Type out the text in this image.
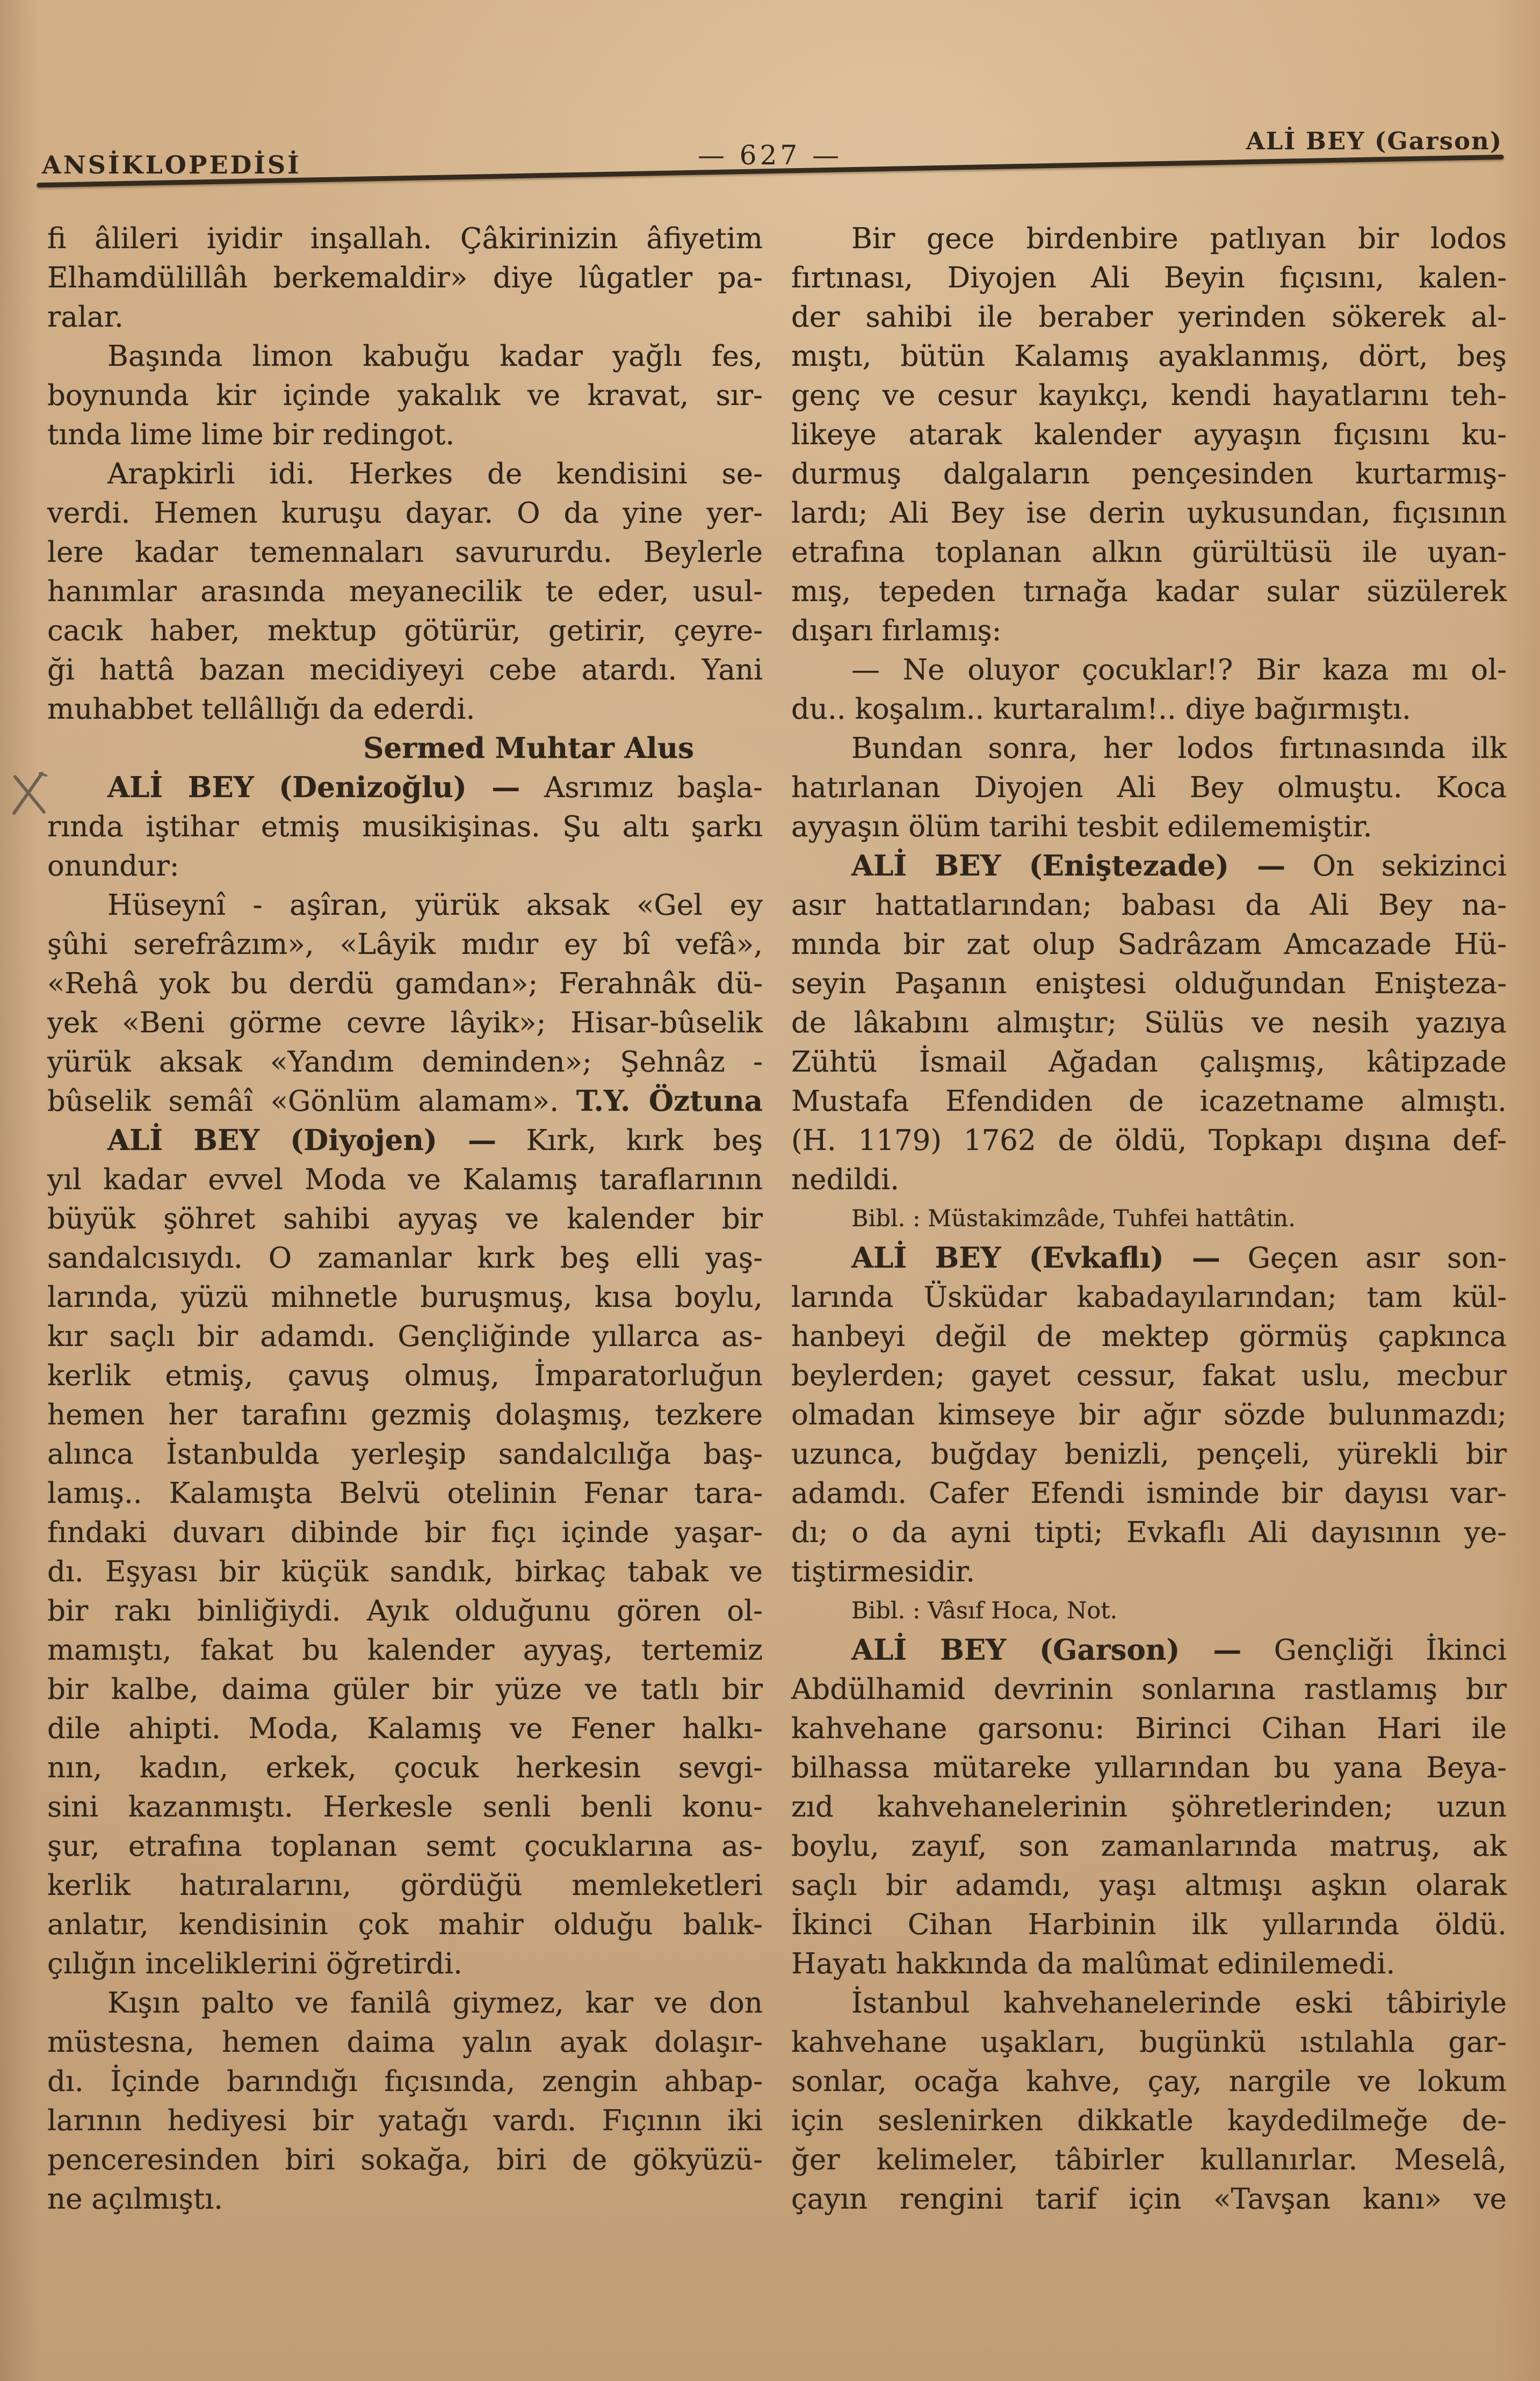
ANSİKLOPEDİSİ	— 627 —	ALİ BEY (Garson)
fi âlileri iyidir inşallah. Çâkirinizin âfiyetim
Elhamdülillâh berkemaldir» diye lûgatler pa-
ralar.
Başında limon kabuğu kadar yağlı fes,
boynunda kir içinde yakalık ve kravat, sır-
tında lime lime bir redingot.
Arapkirli idi. Herkes de kendisini se-
verdi. Hemen kuruşu dayar. O da yine yer-
lere kadar temennaları savururdu. Beylerle
hanımlar arasında meyanecilik te eder, usul-
cacık haber, mektup götürür, getirir, çeyre-
ği hattâ bazan mecidiyeyi cebe atardı. Yani
muhabbet tellâllığı da ederdi.
Sermed Muhtar Alus
ALİ BEY (Denizoğlu) — Asrımız başla-
rında iştihar etmiş musikişinas. Şu altı şarkı
onundur:
Hüseynî - aşîran, yürük aksak «Gel ey
şûhi serefrâzım», «Lâyik mıdır ey bî vefâ»,
«Rehâ yok bu derdü gamdan»; Ferahnâk dü-
yek «Beni görme cevre lâyik»; Hisar-bûselik
yürük aksak «Yandım deminden»; Şehnâz -
bûselik semâî «Gönlüm alamam». T.Y. Öztuna
ALİ BEY (Diyojen) — Kırk, kırk beş
yıl kadar evvel Moda ve Kalamış taraflarının
büyük şöhret sahibi ayyaş ve kalender bir
sandalcısıydı. O zamanlar kırk beş elli yaş-
larında, yüzü mihnetle buruşmuş, kısa boylu,
kır saçlı bir adamdı. Gençliğinde yıllarca as-
kerlik etmiş, çavuş olmuş, İmparatorluğun
hemen her tarafını gezmiş dolaşmış, tezkere
alınca İstanbulda yerleşip sandalcılığa baş-
lamış.. Kalamışta Belvü otelinin Fenar tara-
fındaki duvarı dibinde bir fıçı içinde yaşar-
dı. Eşyası bir küçük sandık, birkaç tabak ve
bir rakı binliğiydi. Ayık olduğunu gören ol-
mamıştı, fakat bu kalender ayyaş, tertemiz
bir kalbe, daima güler bir yüze ve tatlı bir
dile ahipti. Moda, Kalamış ve Fener halkı-
nın, kadın, erkek, çocuk herkesin sevgi-
sini kazanmıştı. Herkesle senli benli konu-
şur, etrafına toplanan semt çocuklarına as-
kerlik hatıralarını, gördüğü memleketleri
anlatır, kendisinin çok mahir olduğu balık-
çılığın inceliklerini öğretirdi.
Kışın palto ve fanilâ giymez, kar ve don
müstesna, hemen daima yalın ayak dolaşır-
dı. İçinde barındığı fıçısında, zengin ahbap-
larının hediyesi bir yatağı vardı. Fıçının iki
penceresinden biri sokağa, biri de gökyüzü-
ne açılmıştı.
Bir gece birdenbire patlıyan bir lodos
fırtınası, Diyojen Ali Beyin fıçısını, kalen-
der sahibi ile beraber yerinden sökerek al-
mıştı, bütün Kalamış ayaklanmış, dört, beş
genç ve cesur kayıkçı, kendi hayatlarını teh-
likeye atarak kalender ayyaşın fıçısını ku-
durmuş dalgaların pençesinden kurtarmış-
lardı; Ali Bey ise derin uykusundan, fıçısının
etrafına toplanan alkın gürültüsü ile uyan-
mış, tepeden tırnağa kadar sular süzülerek
dışarı fırlamış:
— Ne oluyor çocuklar!? Bir kaza mı ol-
du.. koşalım.. kurtaralım!.. diye bağırmıştı.
Bundan sonra, her lodos fırtınasında ilk
hatırlanan Diyojen Ali Bey olmuştu. Koca
ayyaşın ölüm tarihi tesbit edilememiştir.
ALİ BEY (Eniştezade) — On sekizinci
asır hattatlarından; babası da Ali Bey na-
mında bir zat olup Sadrâzam Amcazade Hü-
seyin Paşanın eniştesi olduğundan Enişteza-
de lâkabını almıştır; Sülüs ve nesih yazıya
Zühtü İsmail Ağadan çalışmış, kâtipzade
Mustafa Efendiden de icazetname almıştı.
(H. 1179) 1762 de öldü, Topkapı dışına def-
nedildi.
Bibl. : Müstakimzâde, Tuhfei hattâtin.
ALİ BEY (Evkaflı) — Geçen asır son-
larında Üsküdar kabadayılarından; tam kül-
hanbeyi değil de mektep görmüş çapkınca
beylerden; gayet cessur, fakat uslu, mecbur
olmadan kimseye bir ağır sözde bulunmazdı;
uzunca, buğday benizli, pençeli, yürekli bir
adamdı. Cafer Efendi isminde bir dayısı var-
dı; o da ayni tipti; Evkaflı Ali dayısının ye-
tiştirmesidir.
Bibl. : Vâsıf Hoca, Not.
ALİ BEY (Garson) — Gençliği İkinci
Abdülhamid devrinin sonlarına rastlamış bır
kahvehane garsonu: Birinci Cihan Hari ile
bilhassa mütareke yıllarından bu yana Beya-
zıd kahvehanelerinin şöhretlerinden; uzun
boylu, zayıf, son zamanlarında matruş, ak
saçlı bir adamdı, yaşı altmışı aşkın olarak
İkinci Cihan Harbinin ilk yıllarında öldü.
Hayatı hakkında da malûmat edinilemedi.
İstanbul kahvehanelerinde eski tâbiriyle
kahvehane uşakları, bugünkü ıstılahla gar-
sonlar, ocağa kahve, çay, nargile ve lokum
için seslenirken dikkatle kaydedilmeğe de-
ğer kelimeler, tâbirler kullanırlar. Meselâ,
çayın rengini tarif için «Tavşan kanı» ve
